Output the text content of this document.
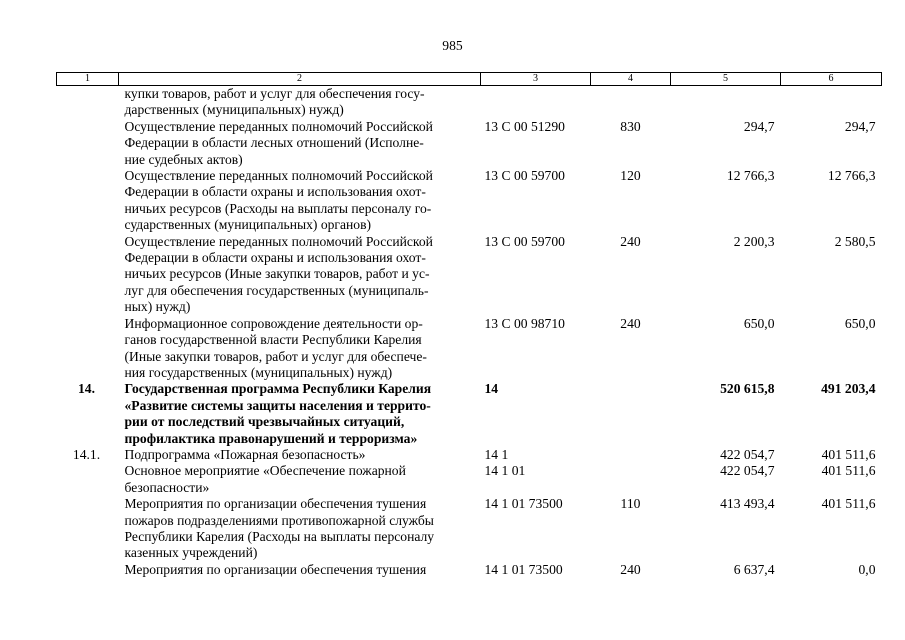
985
1	2	3	4	5	6

	купки товаров, работ и услуг для обеспечения госу-
дарственных (муниципальных) нужд)				

	Осуществление переданных полномочий Российской
Федерации в области лесных отношений (Исполне-
ние судебных актов)	13 С 00 51290	830	294,7	294,7

	Осуществление переданных полномочий Российской
Федерации в области охраны и использования охот-
ничьих ресурсов (Расходы на выплаты персоналу го-
сударственных (муниципальных) органов)	13 С 00 59700	120	12 766,3	12 766,3

	Осуществление переданных полномочий Российской
Федерации в области охраны и использования охот-
ничьих ресурсов (Иные закупки товаров, работ и ус-
луг для обеспечения государственных (муниципаль-
ных) нужд)	13 С 00 59700	240	2 200,3	2 580,5

	Информационное сопровождение деятельности ор-
ганов государственной власти Республики Карелия
(Иные закупки товаров, работ и услуг для обеспече-
ния государственных (муниципальных) нужд)	13 С 00 98710	240	650,0	650,0
14.	Государственная программа Республики Карелия
«Развитие системы защиты населения и террито-
рии от последствий чрезвычайных ситуаций,
профилактика правонарушений и терроризма»	14		520 615,8	491 203,4
14.1.	Подпрограмма «Пожарная безопасность»	14 1		422 054,7	401 511,6

	Основное мероприятие «Обеспечение пожарной
безопасности»	14 1 01		422 054,7	401 511,6

	Мероприятия по организации обеспечения тушения
пожаров подразделениями противопожарной службы
Республики Карелия (Расходы на выплаты персоналу
казенных учреждений)	14 1 01 73500	110	413 493,4	401 511,6

	Мероприятия по организации обеспечения тушения	14 1 01 73500	240	6 637,4	0,0
